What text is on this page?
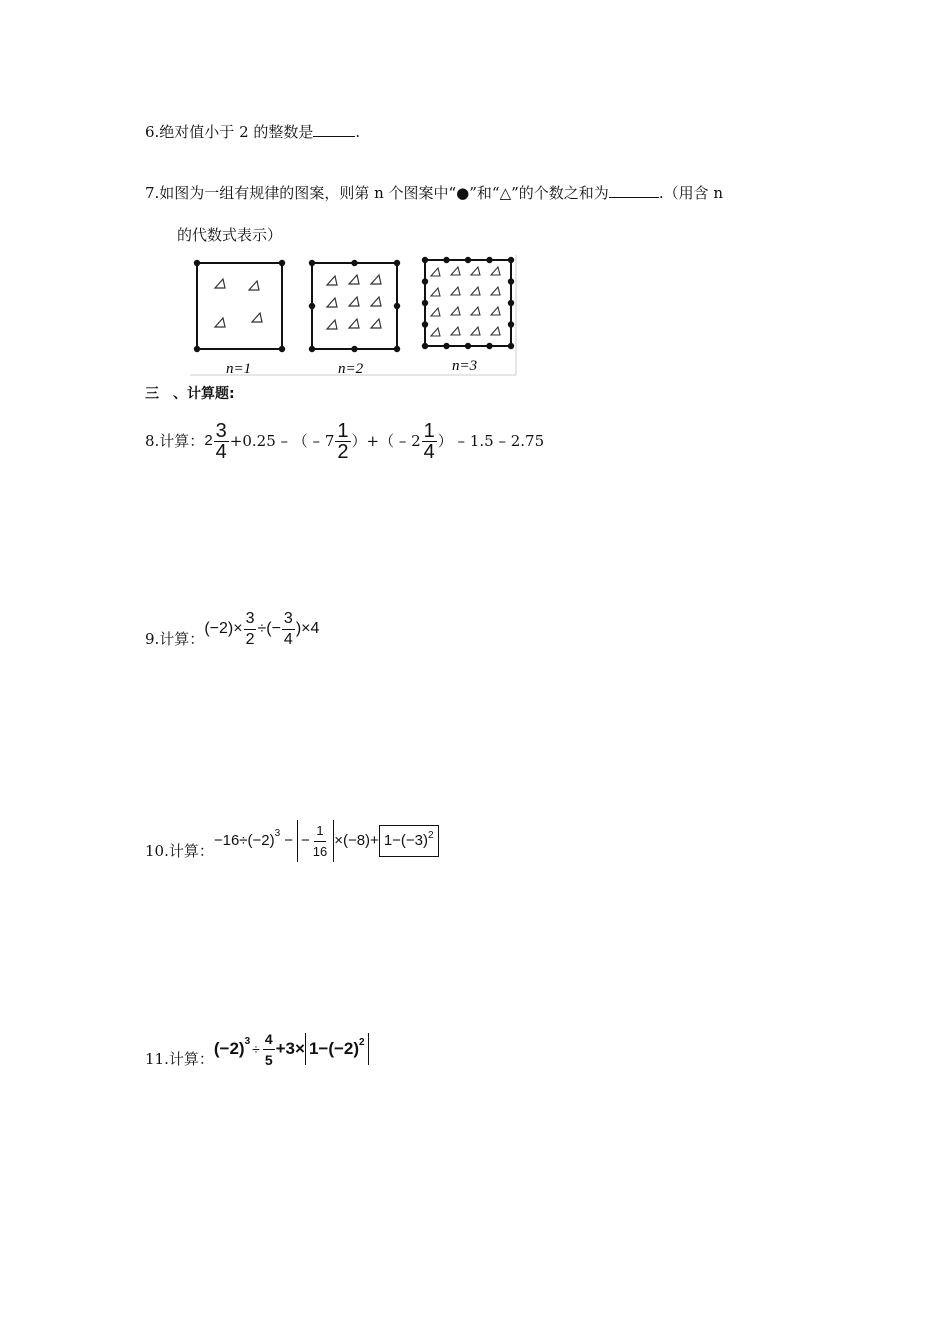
6.绝对值小于 2 的整数是	.
7.如图为一组有规律的图案，则第 n 个图案中“●”和“△”的个数之和为	.（用含 n
的代数式表示）
n=1	n=2	n=3
三　、计算题:
8.计算： $2 \frac{3}{4} +0.25$ – （ – $7 \frac{1}{2}$ ）+（ – $2 \frac{1}{4}$ ） – 1.5 – 2.75
9.计算：
$(-2)\times \frac{3}{2}$ ÷(− $\frac{3}{4} )\times 4$
10.计算：
$-16\div(-2)^3$ − − $\frac{1}{16} \times(-8)+ 1-(-3)^2$
11.计算：
$(-2)^3 \div \frac{4}{5} +3\times 1-(-2)^2$
